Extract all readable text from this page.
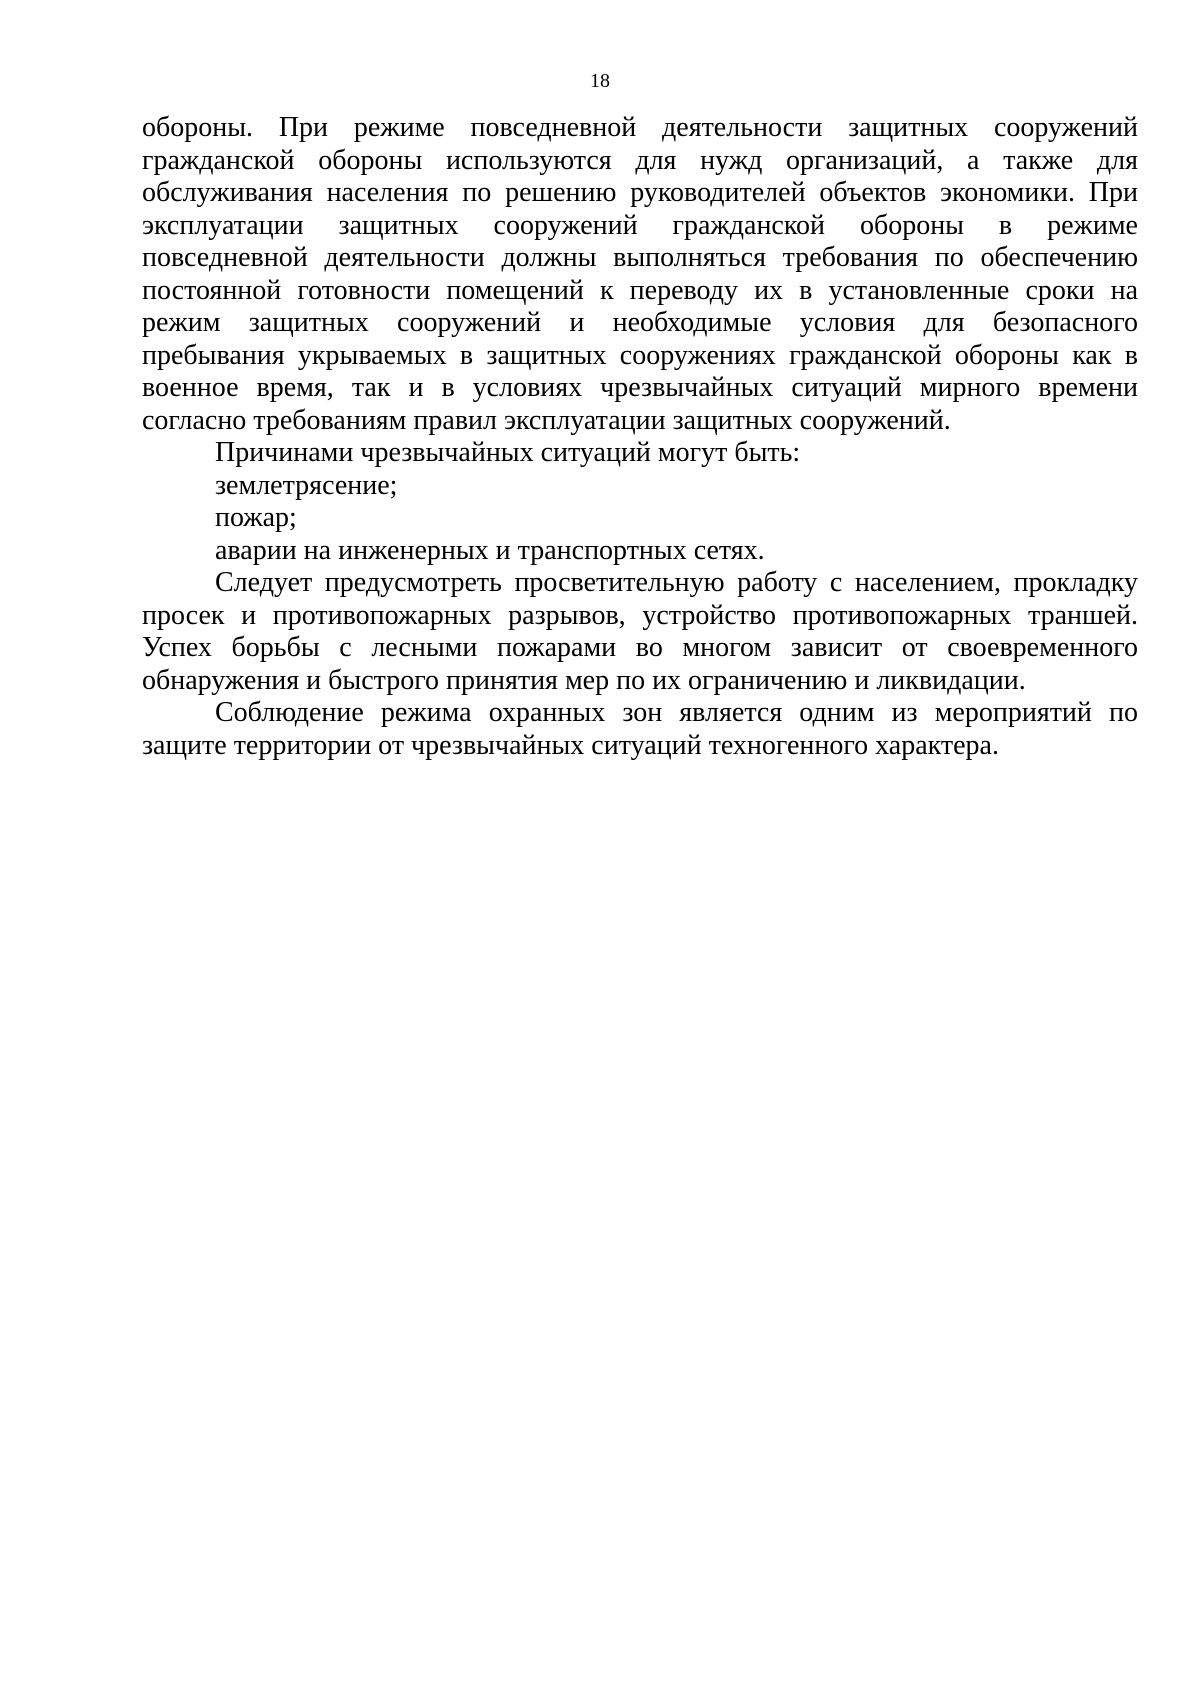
18

обороны. При режиме повседневной деятельности защитных сооружений гражданской обороны используются для нужд организаций, а также для обслуживания населения по решению руководителей объектов экономики. При эксплуатации защитных сооружений гражданской обороны в режиме повседневной деятельности должны выполняться требования по обеспечению постоянной готовности помещений к переводу их в установленные сроки на режим защитных сооружений и необходимые условия для безопасного пребывания укрываемых в защитных сооружениях гражданской обороны как в военное время, так и в условиях чрезвычайных ситуаций мирного времени согласно требованиям правил эксплуатации защитных сооружений.

Причинами чрезвычайных ситуаций могут быть:

землетрясение;

пожар;

аварии на инженерных и транспортных сетях.

Следует предусмотреть просветительную работу с населением, прокладку просек и противопожарных разрывов, устройство противопожарных траншей. Успех борьбы с лесными пожарами во многом зависит от своевременного обнаружения и быстрого принятия мер по их ограничению и ликвидации.

Соблюдение режима охранных зон является одним из мероприятий по защите территории от чрезвычайных ситуаций техногенного характера.
